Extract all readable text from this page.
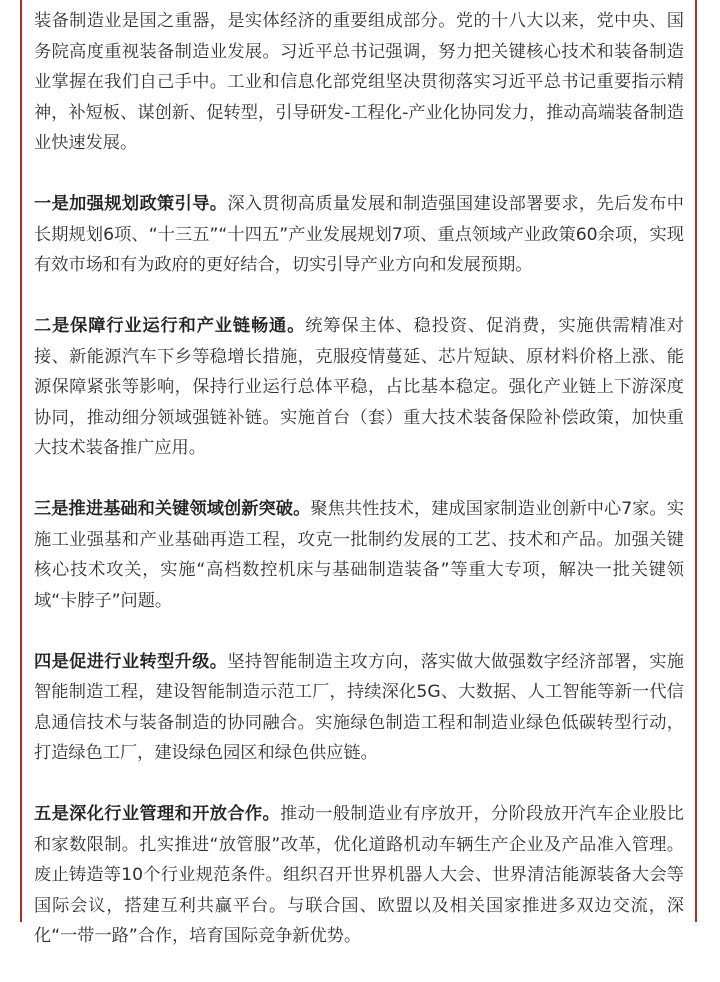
装备制造业是国之重器，是实体经济的重要组成部分。党的十八大以来，党中央、国务院高度重视装备制造业发展。习近平总书记强调，努力把关键核心技术和装备制造业掌握在我们自己手中。工业和信息化部党组坚决贯彻落实习近平总书记重要指示精神，补短板、谋创新、促转型，引导研发-工程化-产业化协同发力，推动高端装备制造业快速发展。

一是加强规划政策引导。深入贯彻高质量发展和制造强国建设部署要求，先后发布中长期规划6项、“十三五”“十四五”产业发展规划7项、重点领域产业政策60余项，实现有效市场和有为政府的更好结合，切实引导产业方向和发展预期。

二是保障行业运行和产业链畅通。统筹保主体、稳投资、促消费，实施供需精准对接、新能源汽车下乡等稳增长措施，克服疫情蔓延、芯片短缺、原材料价格上涨、能源保障紧张等影响，保持行业运行总体平稳，占比基本稳定。强化产业链上下游深度协同，推动细分领域强链补链。实施首台（套）重大技术装备保险补偿政策，加快重大技术装备推广应用。

三是推进基础和关键领域创新突破。聚焦共性技术，建成国家制造业创新中心7家。实施工业强基和产业基础再造工程，攻克一批制约发展的工艺、技术和产品。加强关键核心技术攻关，实施“高档数控机床与基础制造装备”等重大专项，解决一批关键领域“卡脖子”问题。

四是促进行业转型升级。坚持智能制造主攻方向，落实做大做强数字经济部署，实施智能制造工程，建设智能制造示范工厂，持续深化5G、大数据、人工智能等新一代信息通信技术与装备制造的协同融合。实施绿色制造工程和制造业绿色低碳转型行动，打造绿色工厂，建设绿色园区和绿色供应链。

五是深化行业管理和开放合作。推动一般制造业有序放开，分阶段放开汽车企业股比和家数限制。扎实推进“放管服”改革，优化道路机动车辆生产企业及产品准入管理。废止铸造等10个行业规范条件。组织召开世界机器人大会、世界清洁能源装备大会等国际会议，搭建互利共赢平台。与联合国、欧盟以及相关国家推进多双边交流，深化“一带一路”合作，培育国际竞争新优势。
